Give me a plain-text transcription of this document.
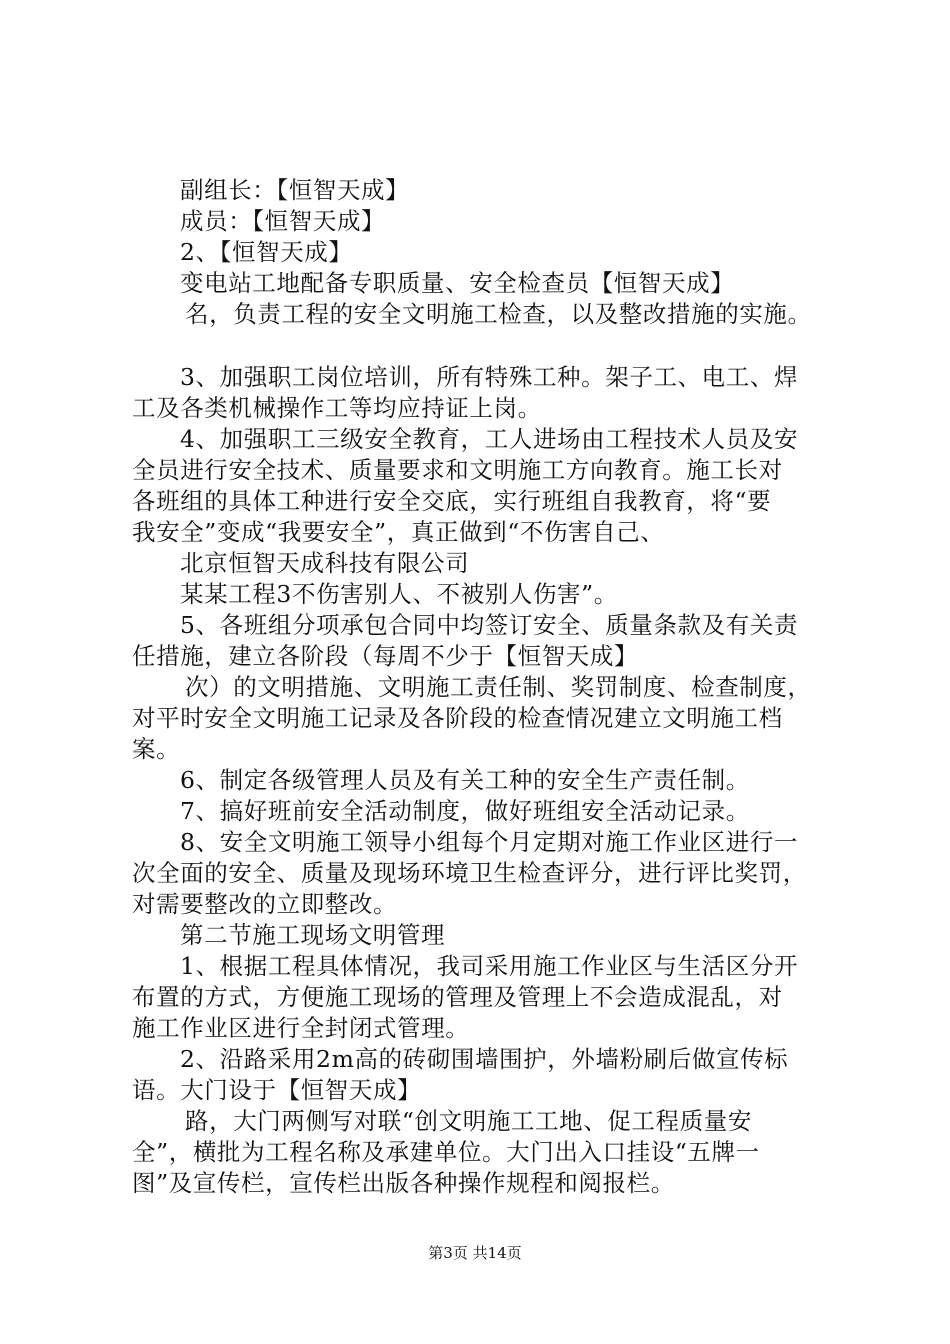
副组长：【恒智天成】
成员：【恒智天成】
2、【恒智天成】
变电站工地配备专职质量、安全检查员【恒智天成】
名，负责工程的安全文明施工检查，以及整改措施的实施。
3、加强职工岗位培训，所有特殊工种。架子工、电工、焊
工及各类机械操作工等均应持证上岗。
4、加强职工三级安全教育，工人进场由工程技术人员及安
全员进行安全技术、质量要求和文明施工方向教育。施工长对
各班组的具体工种进行安全交底，实行班组自我教育，将“要
我安全”变成“我要安全”，真正做到“不伤害自己、
北京恒智天成科技有限公司
某某工程3不伤害别人、不被别人伤害”。
5、各班组分项承包合同中均签订安全、质量条款及有关责
任措施，建立各阶段（每周不少于【恒智天成】
次）的文明措施、文明施工责任制、奖罚制度、检查制度，
对平时安全文明施工记录及各阶段的检查情况建立文明施工档
案。
6、制定各级管理人员及有关工种的安全生产责任制。
7、搞好班前安全活动制度，做好班组安全活动记录。
8、安全文明施工领导小组每个月定期对施工作业区进行一
次全面的安全、质量及现场环境卫生检查评分，进行评比奖罚，
对需要整改的立即整改。
第二节施工现场文明管理
1、根据工程具体情况，我司采用施工作业区与生活区分开
布置的方式，方便施工现场的管理及管理上不会造成混乱，对
施工作业区进行全封闭式管理。
2、沿路采用2m高的砖砌围墙围护，外墙粉刷后做宣传标
语。大门设于【恒智天成】
路，大门两侧写对联“创文明施工工地、促工程质量安
全”，横批为工程名称及承建单位。大门出入口挂设“五牌一
图”及宣传栏，宣传栏出版各种操作规程和阅报栏。
第3页 共14页
